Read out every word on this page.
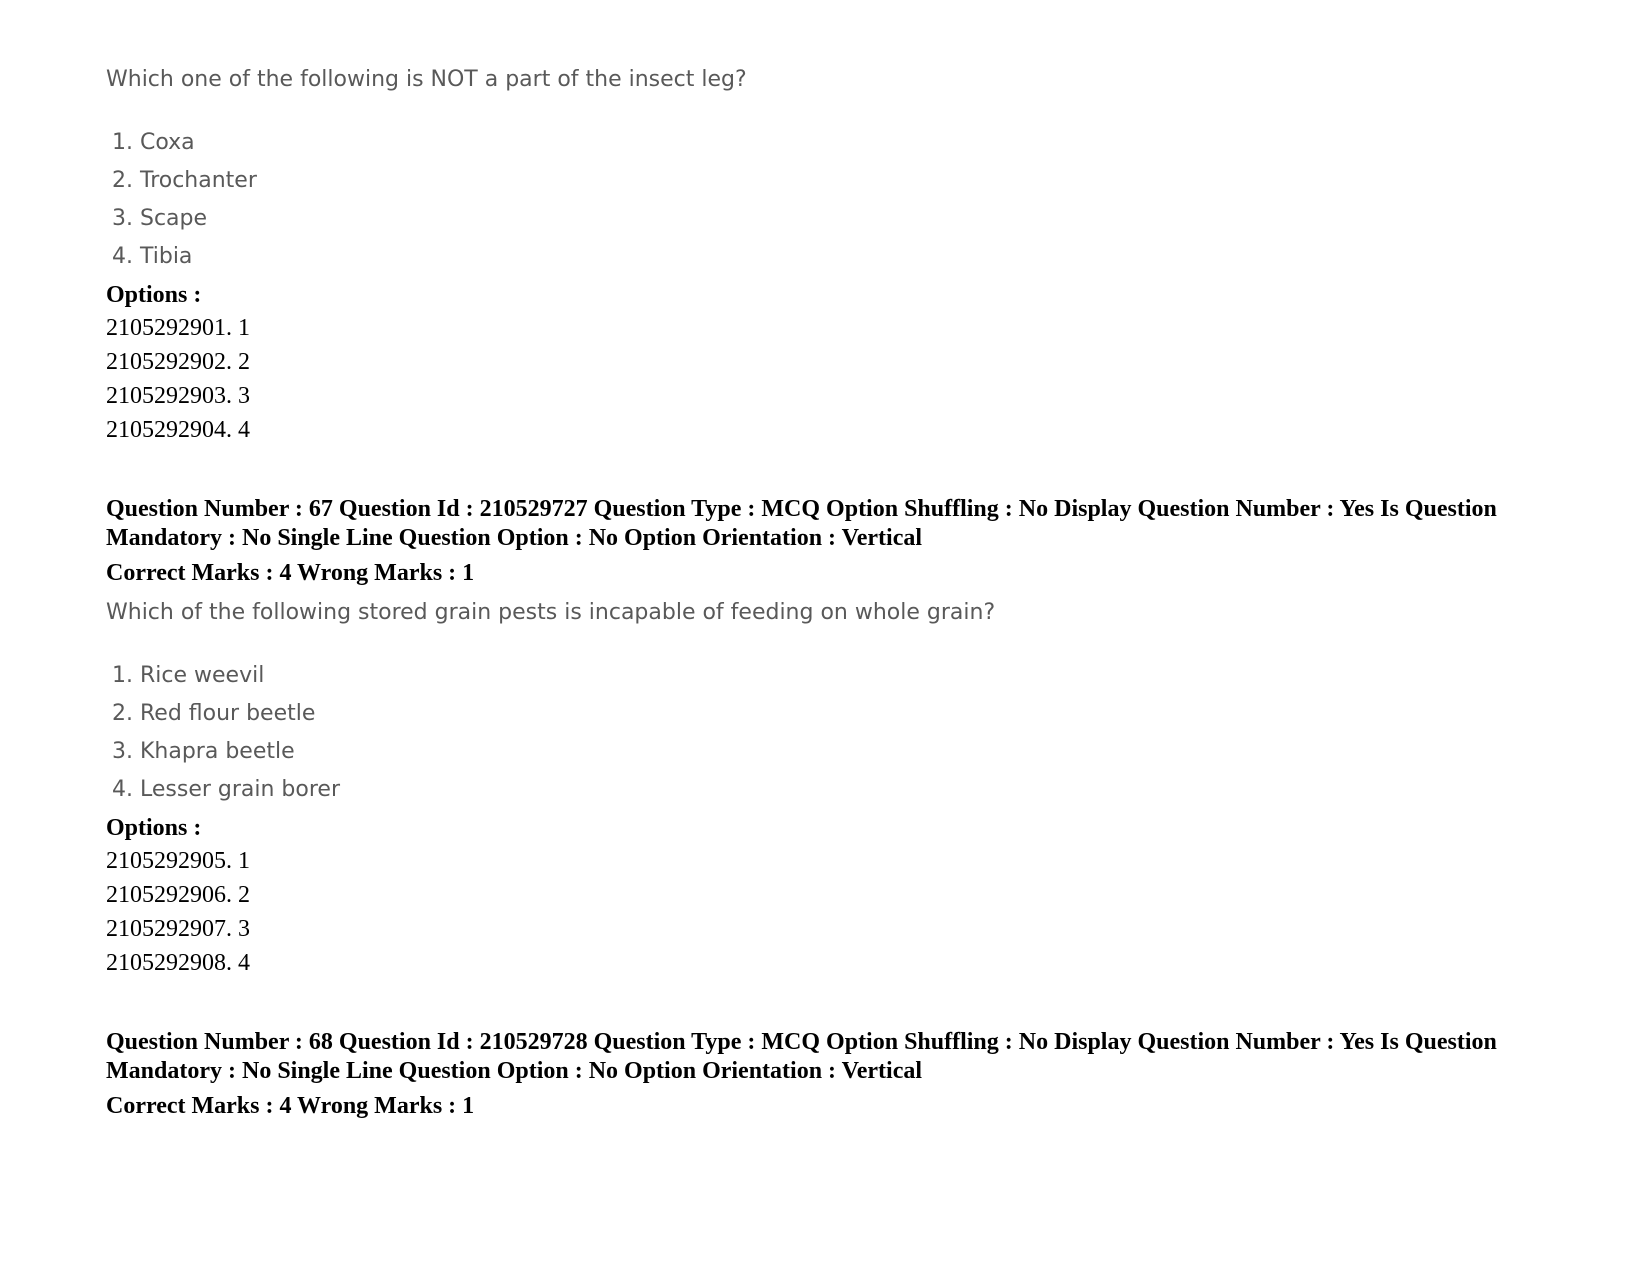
Which one of the following is NOT a part of the insect leg?
1. Coxa
2. Trochanter
3. Scape
4. Tibia
Options :
2105292901. 1
2105292902. 2
2105292903. 3
2105292904. 4
Question Number : 67 Question Id : 210529727 Question Type : MCQ Option Shuffling : No Display Question Number : Yes Is Question Mandatory : No Single Line Question Option : No Option Orientation : Vertical
Correct Marks : 4 Wrong Marks : 1
Which of the following stored grain pests is incapable of feeding on whole grain?
1. Rice weevil
2. Red flour beetle
3. Khapra beetle
4. Lesser grain borer
Options :
2105292905. 1
2105292906. 2
2105292907. 3
2105292908. 4
Question Number : 68 Question Id : 210529728 Question Type : MCQ Option Shuffling : No Display Question Number : Yes Is Question Mandatory : No Single Line Question Option : No Option Orientation : Vertical
Correct Marks : 4 Wrong Marks : 1
